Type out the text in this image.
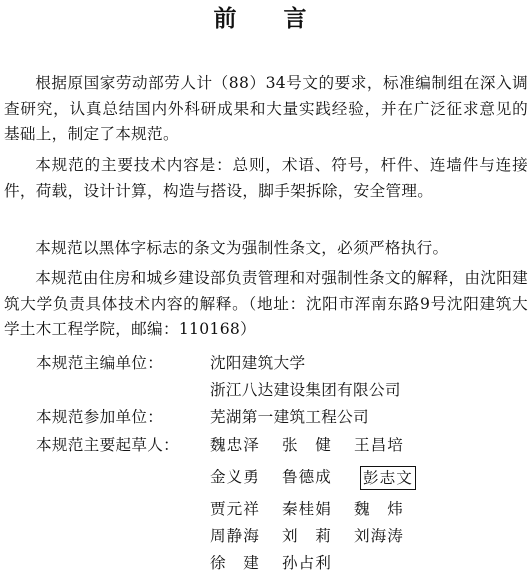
前　言

根据原国家劳动部劳人计（88）34号文的要求，标准编制组在深入调查研究，认真总结国内外科研成果和大量实践经验，并在广泛征求意见的基础上，制定了本规范。

本规范的主要技术内容是：总则，术语、符号，杆件、连墙件与连接件，荷载，设计计算，构造与搭设，脚手架拆除，安全管理。

本规范以黑体字标志的条文为强制性条文，必须严格执行。

本规范由住房和城乡建设部负责管理和对强制性条文的解释，由沈阳建筑大学负责具体技术内容的解释。（地址：沈阳市浑南东路9号沈阳建筑大学土木工程学院，邮编：110168）

本规范主编单位：	沈阳建筑大学
浙江八达建设集团有限公司
本规范参加单位：	芜湖第一建筑工程公司
本规范主要起草人： 魏忠泽 张　健 王昌培
金义勇 鲁德成 彭志文
贾元祥 秦桂娟 魏　炜
周静海 刘　莉 刘海涛
徐　建 孙占利
